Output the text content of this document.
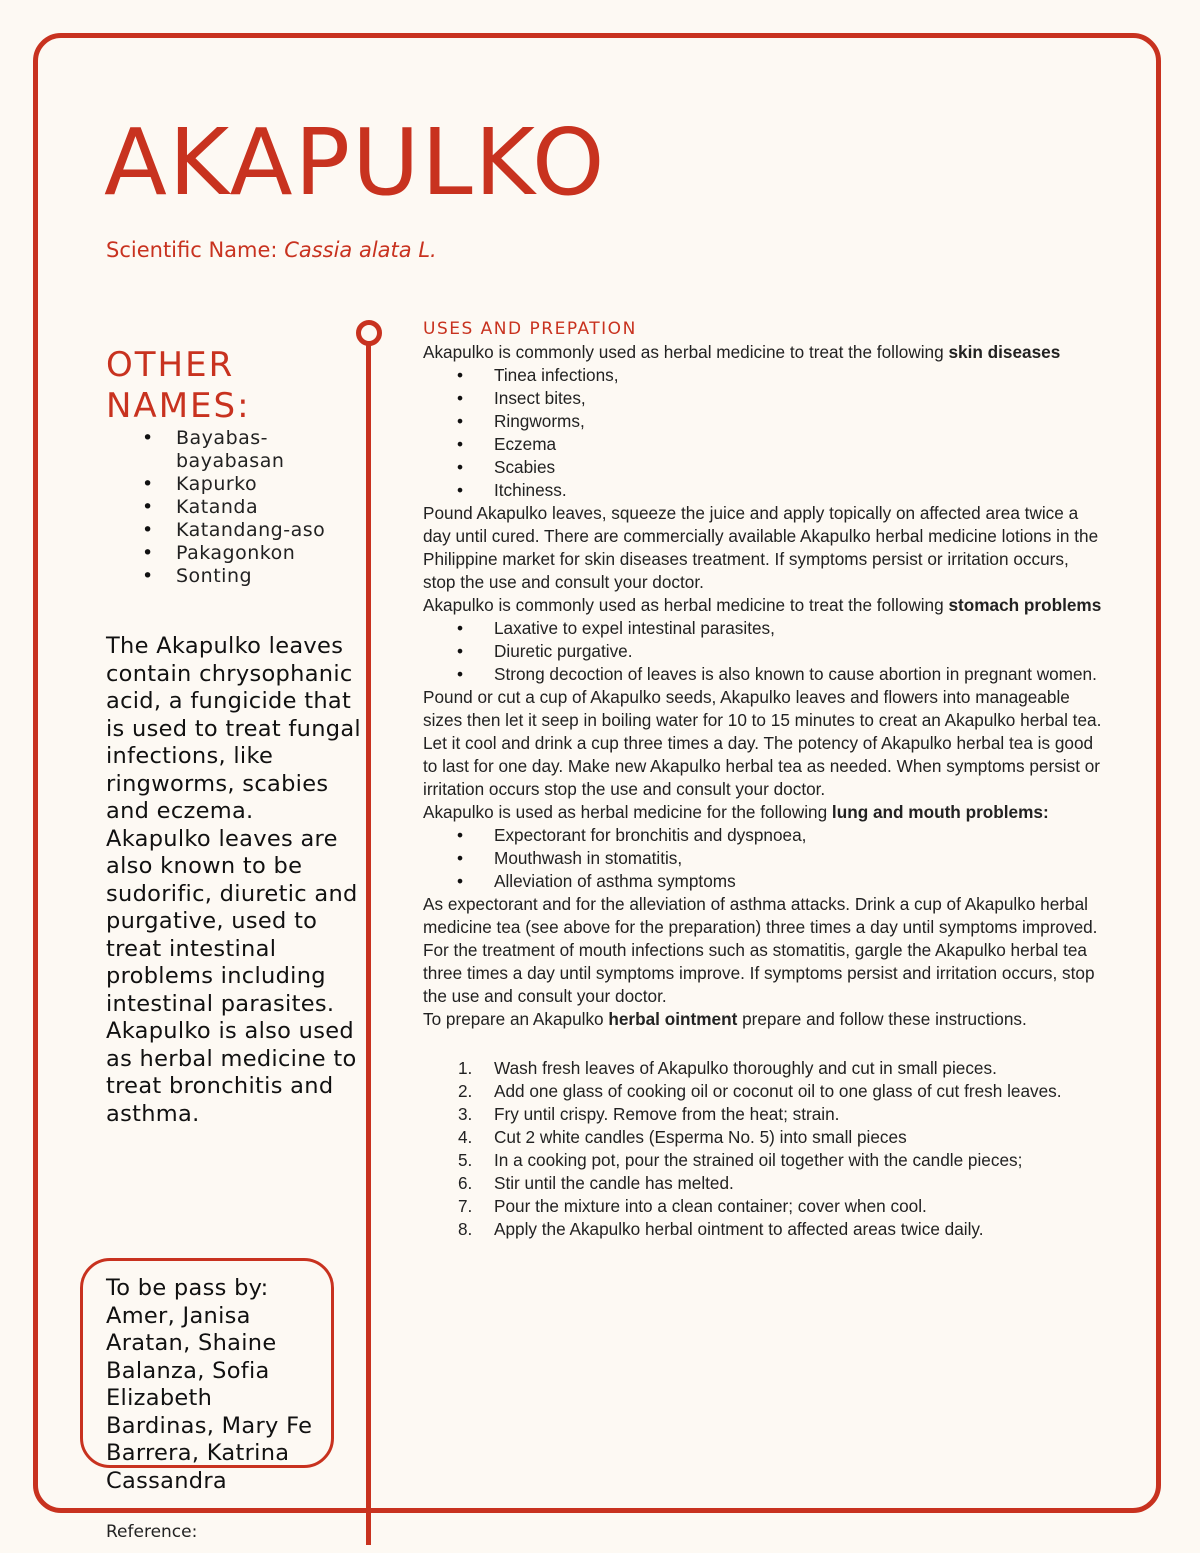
AKAPULKO
Scientific Name: Cassia alata L.
OTHER NAMES:
• Bayabas-bayabasan
• Kapurko
• Katanda
• Katandang-aso
• Pakagonkon
• Sonting
The Akapulko leaves contain chrysophanic acid, a fungicide that is used to treat fungal infections, like ringworms, scabies and eczema. Akapulko leaves are also known to be sudorific, diuretic and purgative, used to treat intestinal problems including intestinal parasites. Akapulko is also used as herbal medicine to treat bronchitis and asthma.
To be pass by:
Amer, Janisa
Aratan, Shaine
Balanza, Sofia
Elizabeth
Bardinas, Mary Fe
Barrera, Katrina
Cassandra
Reference:
USES AND PREPATION

Akapulko is commonly used as herbal medicine to treat the following skin diseases

• Tinea infections,
• Insect bites,
• Ringworms,
• Eczema
• Scabies
• Itchiness.

Pound Akapulko leaves, squeeze the juice and apply topically on affected area twice a day until cured. There are commercially available Akapulko herbal medicine lotions in the Philippine market for skin diseases treatment. If symptoms persist or irritation occurs, stop the use and consult your doctor.

Akapulko is commonly used as herbal medicine to treat the following stomach problems

• Laxative to expel intestinal parasites,
• Diuretic purgative.
• Strong decoction of leaves is also known to cause abortion in pregnant women.

Pound or cut a cup of Akapulko seeds, Akapulko leaves and flowers into manageable sizes then let it seep in boiling water for 10 to 15 minutes to creat an Akapulko herbal tea. Let it cool and drink a cup three times a day. The potency of Akapulko herbal tea is good to last for one day. Make new Akapulko herbal tea as needed. When symptoms persist or irritation occurs stop the use and consult your doctor.

Akapulko is used as herbal medicine for the following lung and mouth problems:

• Expectorant for bronchitis and dyspnoea,
• Mouthwash in stomatitis,
• Alleviation of asthma symptoms

As expectorant and for the alleviation of asthma attacks. Drink a cup of Akapulko herbal medicine tea (see above for the preparation) three times a day until symptoms improved. For the treatment of mouth infections such as stomatitis, gargle the Akapulko herbal tea three times a day until symptoms improve. If symptoms persist and irritation occurs, stop the use and consult your doctor.

To prepare an Akapulko herbal ointment prepare and follow these instructions.

1. Wash fresh leaves of Akapulko thoroughly and cut in small pieces.
2. Add one glass of cooking oil or coconut oil to one glass of cut fresh leaves.
3. Fry until crispy. Remove from the heat; strain.
4. Cut 2 white candles (Esperma No. 5) into small pieces
5. In a cooking pot, pour the strained oil together with the candle pieces;
6. Stir until the candle has melted.
7. Pour the mixture into a clean container; cover when cool.
8. Apply the Akapulko herbal ointment to affected areas twice daily.
